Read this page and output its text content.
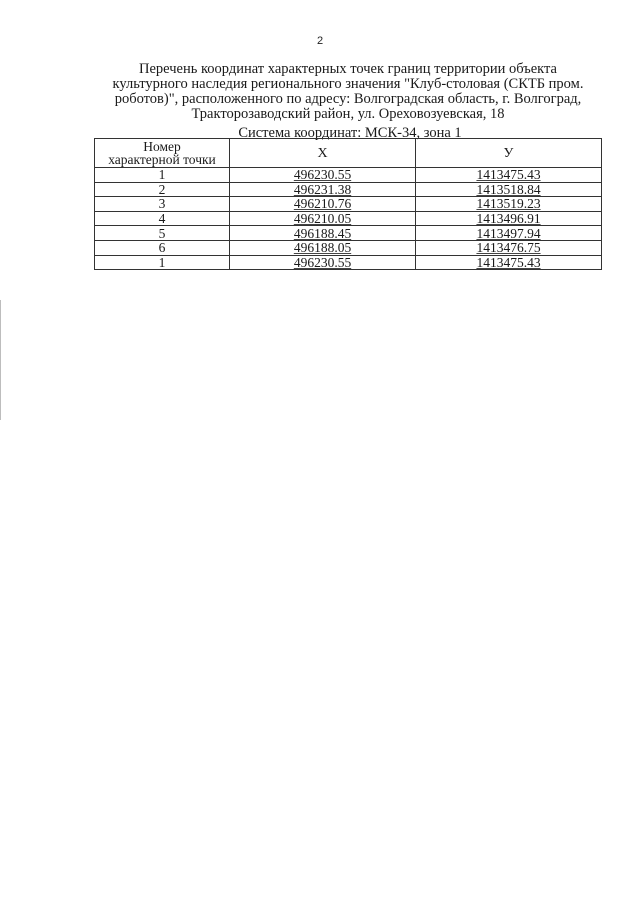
2
Перечень координат характерных точек границ территории объекта
культурного наследия регионального значения "Клуб-столовая (СКТБ пром.
роботов)", расположенного по адресу: Волгоградская область, г. Волгоград,
Тракторозаводский район, ул. Ореховозуевская, 18
Система координат: МСК-34, зона 1
Номер
характерной точки	X	У
1	496230.55	1413475.43
2	496231.38	1413518.84
3	496210.76	1413519.23
4	496210.05	1413496.91
5	496188.45	1413497.94
6	496188.05	1413476.75
1	496230.55	1413475.43
